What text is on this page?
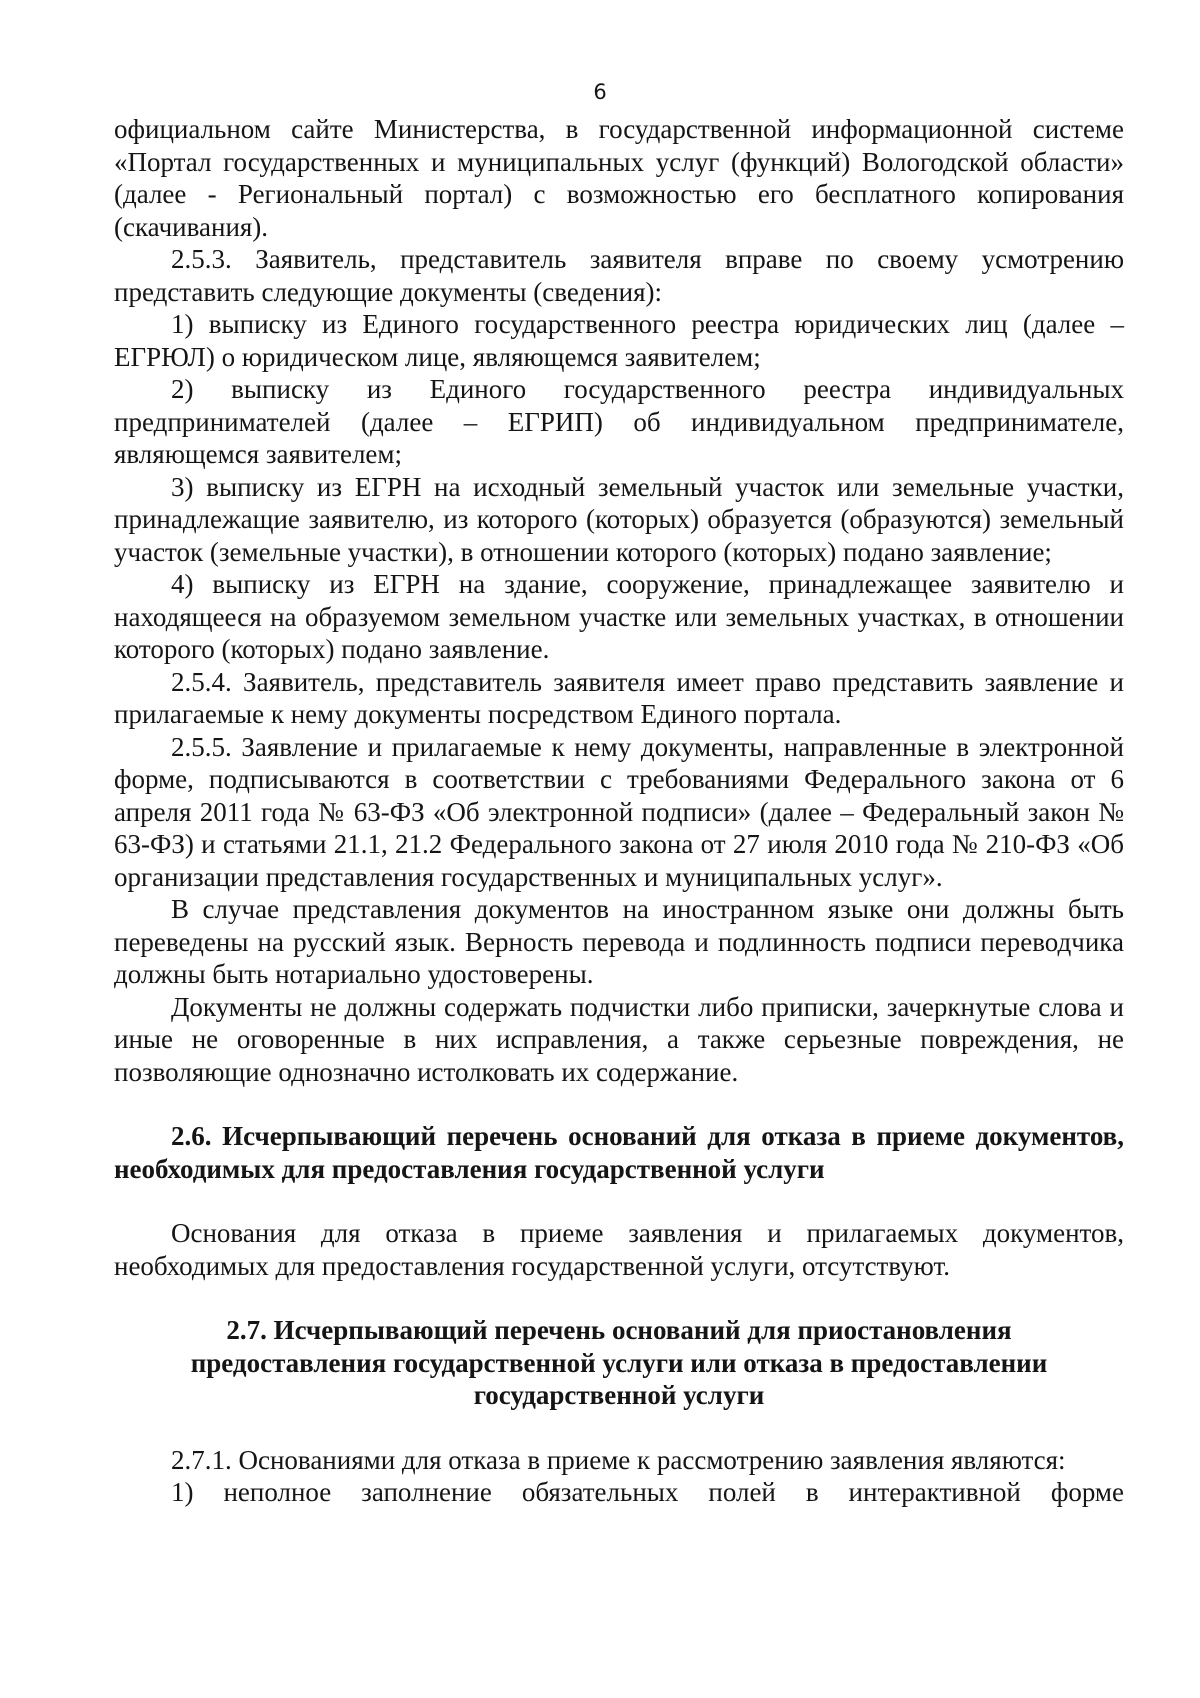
6

официальном сайте Министерства, в государственной информационной системе «Портал государственных и муниципальных услуг (функций) Вологодской области» (далее - Региональный портал) с возможностью его бесплатного копирования (скачивания).

2.5.3. Заявитель, представитель заявителя вправе по своему усмотрению представить следующие документы (сведения):

1) выписку из Единого государственного реестра юридических лиц (далее – ЕГРЮЛ) о юридическом лице, являющемся заявителем;

2) выписку из Единого государственного реестра индивидуальных предпринимателей (далее – ЕГРИП) об индивидуальном предпринимателе, являющемся заявителем;

3) выписку из ЕГРН на исходный земельный участок или земельные участки, принадлежащие заявителю, из которого (которых) образуется (образуются) земельный участок (земельные участки), в отношении которого (которых) подано заявление;

4) выписку из ЕГРН на здание, сооружение, принадлежащее заявителю и находящееся на образуемом земельном участке или земельных участках, в отношении которого (которых) подано заявление.

2.5.4. Заявитель, представитель заявителя имеет право представить заявление и прилагаемые к нему документы посредством Единого портала.

2.5.5. Заявление и прилагаемые к нему документы, направленные в электронной форме, подписываются в соответствии с требованиями Федерального закона от 6 апреля 2011 года № 63-ФЗ «Об электронной подписи» (далее – Федеральный закон № 63-ФЗ) и статьями 21.1, 21.2 Федерального закона от 27 июля 2010 года № 210-ФЗ «Об организации представления государственных и муниципальных услуг».

В случае представления документов на иностранном языке они должны быть переведены на русский язык. Верность перевода и подлинность подписи переводчика должны быть нотариально удостоверены.

Документы не должны содержать подчистки либо приписки, зачеркнутые слова и иные не оговоренные в них исправления, а также серьезные повреждения, не позволяющие однозначно истолковать их содержание.

2.6. Исчерпывающий перечень оснований для отказа в приеме документов, необходимых для предоставления государственной услуги

Основания для отказа в приеме заявления и прилагаемых документов, необходимых для предоставления государственной услуги, отсутствуют.

2.7. Исчерпывающий перечень оснований для приостановления
предоставления государственной услуги или отказа в предоставлении
государственной услуги

2.7.1. Основаниями для отказа в приеме к рассмотрению заявления являются:

1) неполное заполнение обязательных полей в интерактивной форме
